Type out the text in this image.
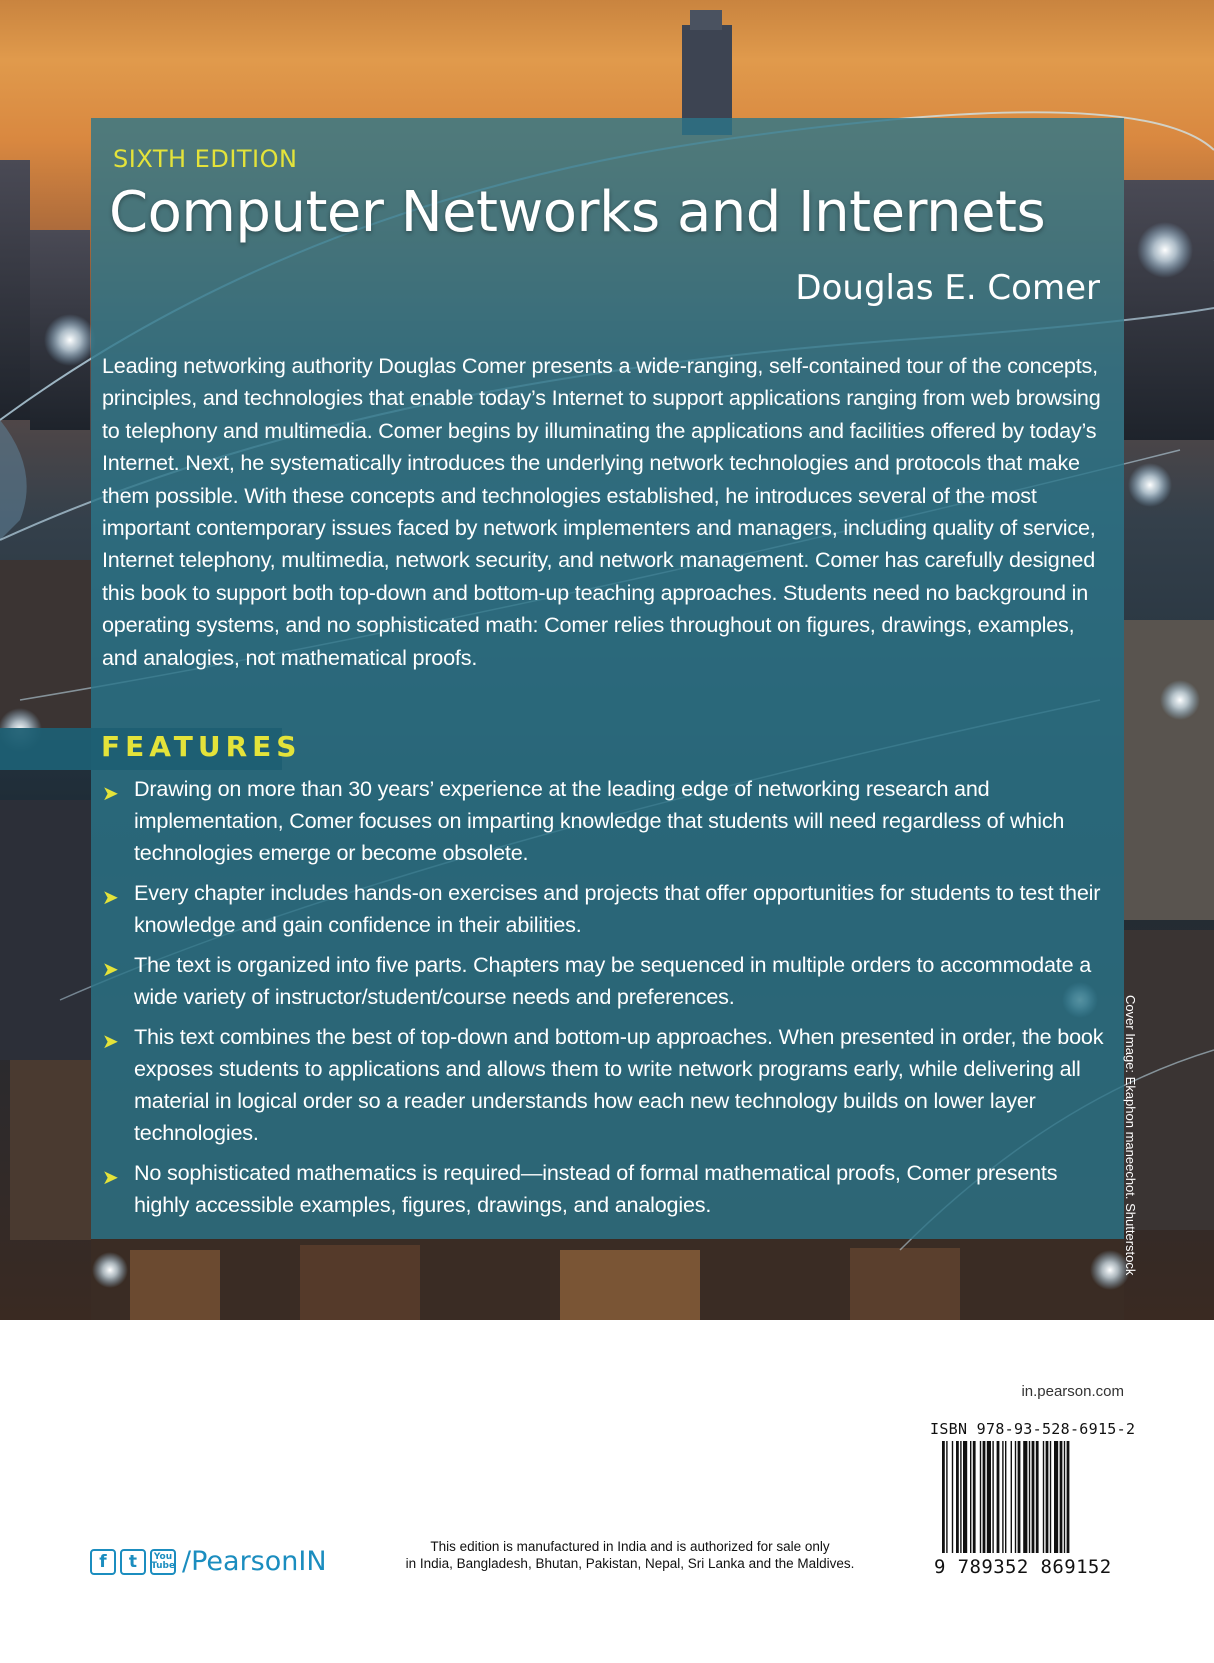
SIXTH EDITION
Computer Networks and Internets
Douglas E. Comer

Leading networking authority Douglas Comer presents a wide-ranging, self-contained tour of the concepts, principles, and technologies that enable today’s Internet to support applications ranging from web browsing to telephony and multimedia. Comer begins by illuminating the applications and facilities offered by today’s Internet. Next, he systematically introduces the underlying network technologies and protocols that make them possible. With these concepts and technologies established, he introduces several of the most important contemporary issues faced by network implementers and managers, including quality of service, Internet telephony, multimedia, network security, and network management. Comer has carefully designed this book to support both top-down and bottom-up teaching approaches. Students need no background in operating systems, and no sophisticated math: Comer relies throughout on figures, drawings, examples, and analogies, not mathematical proofs.

FEATURES
➤ Drawing on more than 30 years’ experience at the leading edge of networking research and implementation, Comer focuses on imparting knowledge that students will need regardless of which technologies emerge or become obsolete.
➤ Every chapter includes hands-on exercises and projects that offer opportunities for students to test their knowledge and gain confidence in their abilities.
➤ The text is organized into five parts. Chapters may be sequenced in multiple orders to accommodate a wide variety of instructor/student/course needs and preferences.
➤ This text combines the best of top-down and bottom-up approaches. When presented in order, the book exposes students to applications and allows them to write network programs early, while delivering all material in logical order so a reader understands how each new technology builds on lower layer technologies.
➤ No sophisticated mathematics is required—instead of formal mathematical proofs, Comer presents highly accessible examples, figures, drawings, and analogies.	Cover Image: Ekaphon maneechot. Shutterstock
in.pearson.com
ISBN 978-93-528-6915-2
9 789352 869152
f	t	You
Tube /PearsonIN	This edition is manufactured in India and is authorized for sale only
in India, Bangladesh, Bhutan, Pakistan, Nepal, Sri Lanka and the Maldives.
